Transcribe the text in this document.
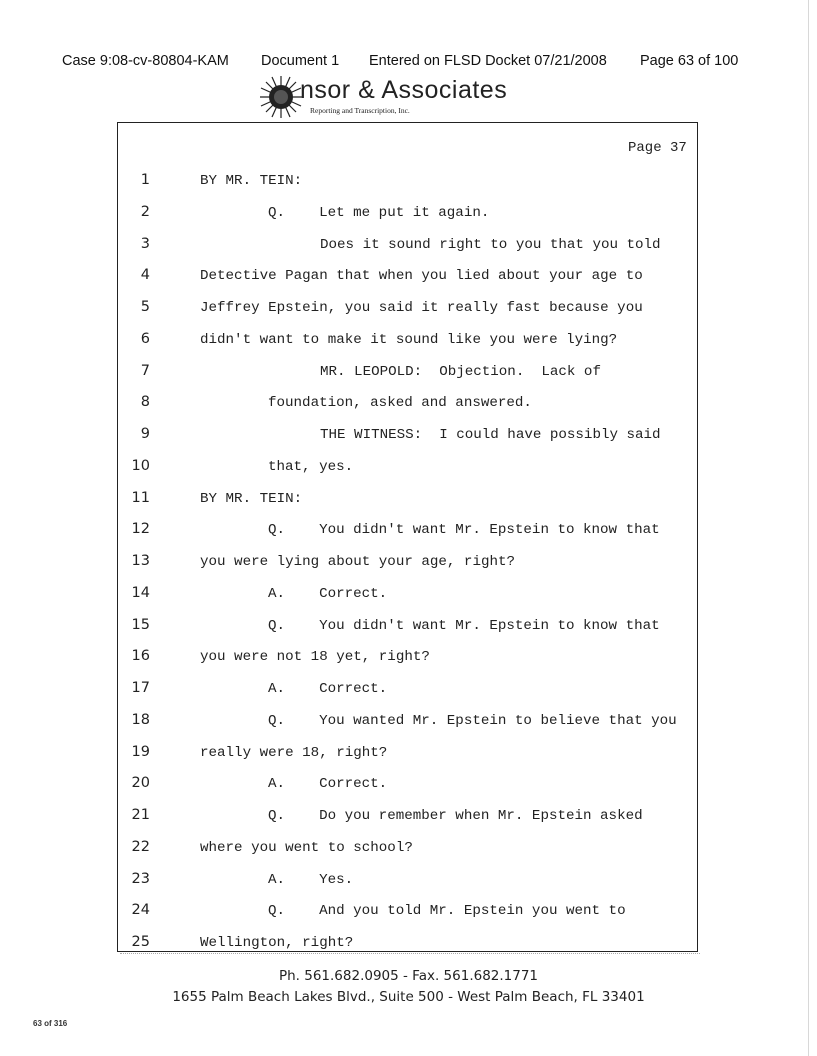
Case 9:08-cv-80804-KAM Document 1 Entered on FLSD Docket 07/21/2008 Page 63 of 100
nsor & Associates
Reporting and Transcription, Inc.
Page 37
1	BY MR. TEIN:
2	Q.    Let me put it again.
3	Does it sound right to you that you told
4	Detective Pagan that when you lied about your age to
5	Jeffrey Epstein, you said it really fast because you
6	didn't want to make it sound like you were lying?
7	MR. LEOPOLD:  Objection.  Lack of
8	foundation, asked and answered.
9	THE WITNESS:  I could have possibly said
10	that, yes.
11	BY MR. TEIN:
12	Q.    You didn't want Mr. Epstein to know that
13	you were lying about your age, right?
14	A.    Correct.
15	Q.    You didn't want Mr. Epstein to know that
16	you were not 18 yet, right?
17	A.    Correct.
18	Q.    You wanted Mr. Epstein to believe that you
19	really were 18, right?
20	A.    Correct.
21	Q.    Do you remember when Mr. Epstein asked
22	where you went to school?
23	A.    Yes.
24	Q.    And you told Mr. Epstein you went to
25	Wellington, right?
Ph. 561.682.0905 - Fax. 561.682.1771
1655 Palm Beach Lakes Blvd., Suite 500 - West Palm Beach, FL 33401
63 of 316
